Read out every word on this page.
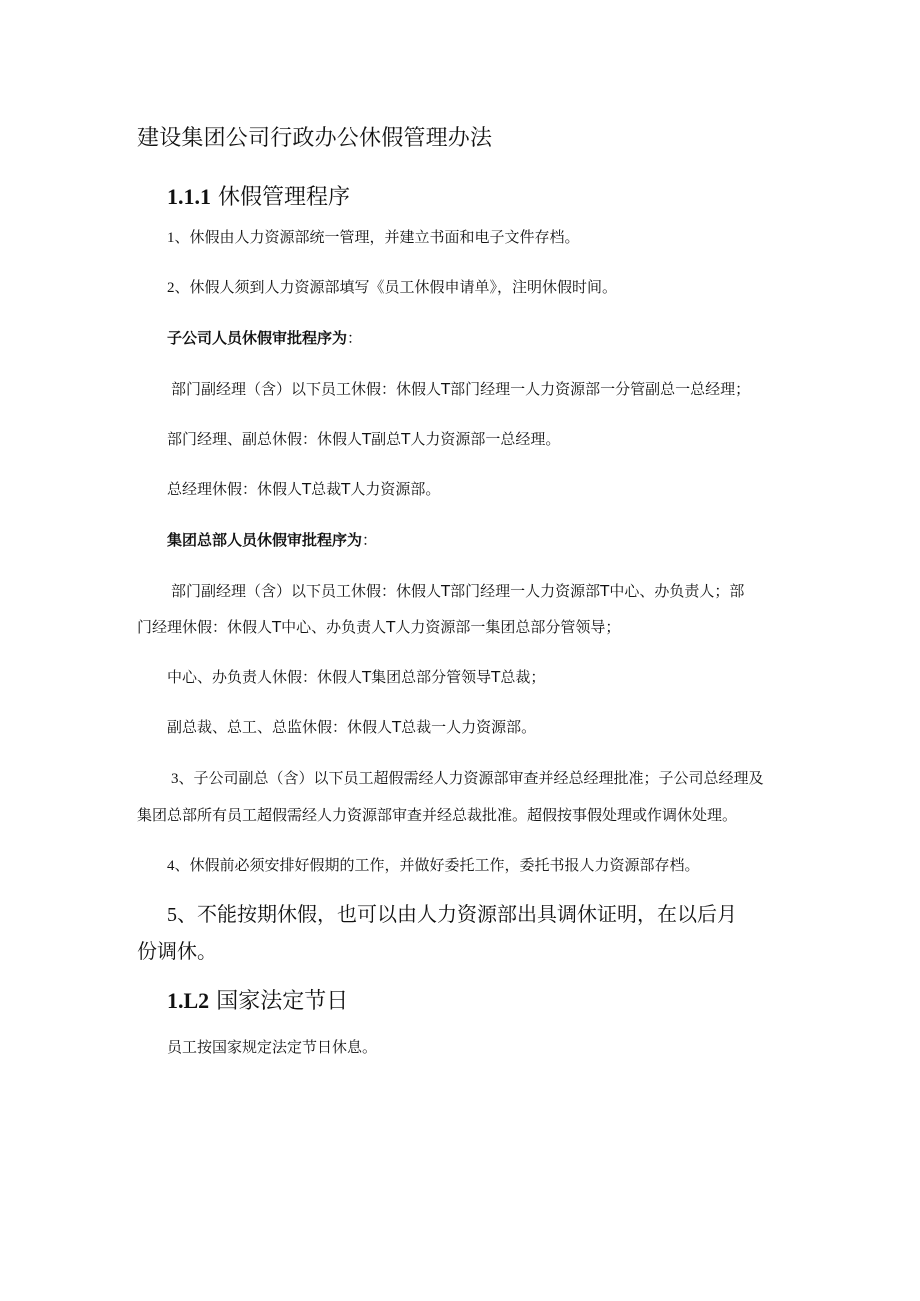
建设集团公司行政办公休假管理办法
1.1.1 休假管理程序
1、休假由人力资源部统一管理，并建立书面和电子文件存档。
2、休假人须到人力资源部填写《员工休假申请单》，注明休假时间。
子公司人员休假审批程序为：
部门副经理（含）以下员工休假：休假人T部门经理一人力资源部一分管副总一总经理；
部门经理、副总休假：休假人T副总T人力资源部一总经理。
总经理休假：休假人T总裁T人力资源部。
集团总部人员休假审批程序为：
部门副经理（含）以下员工休假：休假人T部门经理一人力资源部T中心、办负责人；部
门经理休假：休假人T中心、办负责人T人力资源部一集团总部分管领导；
中心、办负责人休假：休假人T集团总部分管领导T总裁；
副总裁、总工、总监休假：休假人T总裁一人力资源部。
3、子公司副总（含）以下员工超假需经人力资源部审查并经总经理批准；子公司总经理及
集团总部所有员工超假需经人力资源部审查并经总裁批准。超假按事假处理或作调休处理。
4、休假前必须安排好假期的工作，并做好委托工作，委托书报人力资源部存档。
5、不能按期休假，也可以由人力资源部出具调休证明，在以后月
份调休。
1.L2 国家法定节日
员工按国家规定法定节日休息。
